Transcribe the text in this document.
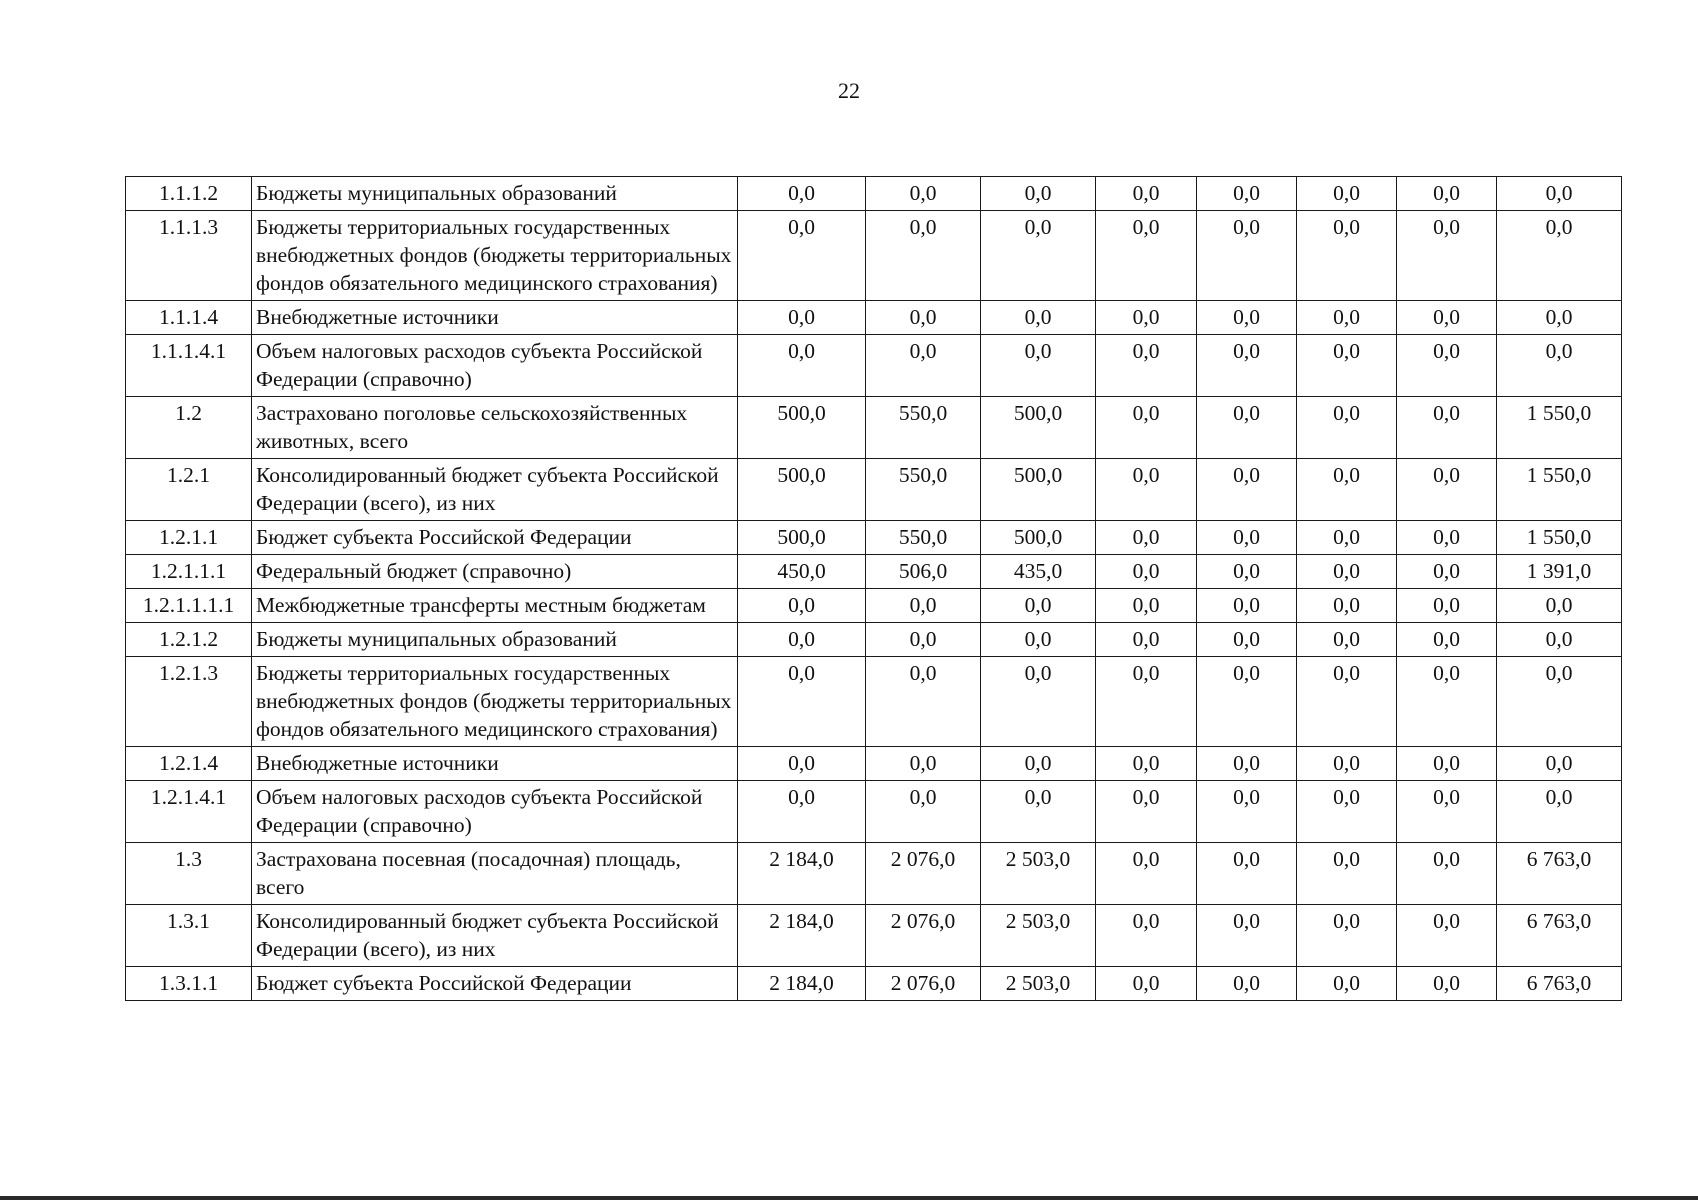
22
1.1.1.2	Бюджеты муниципальных образований	0,0	0,0	0,0	0,0	0,0	0,0	0,0	0,0
1.1.1.3	Бюджеты территориальных государственных внебюджетных фондов (бюджеты территориальных фондов обязательного медицинского страхования)	0,0	0,0	0,0	0,0	0,0	0,0	0,0	0,0
1.1.1.4	Внебюджетные источники	0,0	0,0	0,0	0,0	0,0	0,0	0,0	0,0
1.1.1.4.1	Объем налоговых расходов субъекта Российской Федерации (справочно)	0,0	0,0	0,0	0,0	0,0	0,0	0,0	0,0
1.2	Застраховано поголовье сельскохозяйственных животных, всего	500,0	550,0	500,0	0,0	0,0	0,0	0,0	1 550,0
1.2.1	Консолидированный бюджет субъекта Российской Федерации (всего), из них	500,0	550,0	500,0	0,0	0,0	0,0	0,0	1 550,0
1.2.1.1	Бюджет субъекта Российской Федерации	500,0	550,0	500,0	0,0	0,0	0,0	0,0	1 550,0
1.2.1.1.1	Федеральный бюджет (справочно)	450,0	506,0	435,0	0,0	0,0	0,0	0,0	1 391,0
1.2.1.1.1.1	Межбюджетные трансферты местным бюджетам	0,0	0,0	0,0	0,0	0,0	0,0	0,0	0,0
1.2.1.2	Бюджеты муниципальных образований	0,0	0,0	0,0	0,0	0,0	0,0	0,0	0,0
1.2.1.3	Бюджеты территориальных государственных внебюджетных фондов (бюджеты территориальных фондов обязательного медицинского страхования)	0,0	0,0	0,0	0,0	0,0	0,0	0,0	0,0
1.2.1.4	Внебюджетные источники	0,0	0,0	0,0	0,0	0,0	0,0	0,0	0,0
1.2.1.4.1	Объем налоговых расходов субъекта Российской Федерации (справочно)	0,0	0,0	0,0	0,0	0,0	0,0	0,0	0,0
1.3	Застрахована посевная (посадочная) площадь, всего	2 184,0	2 076,0	2 503,0	0,0	0,0	0,0	0,0	6 763,0
1.3.1	Консолидированный бюджет субъекта Российской Федерации (всего), из них	2 184,0	2 076,0	2 503,0	0,0	0,0	0,0	0,0	6 763,0
1.3.1.1	Бюджет субъекта Российской Федерации	2 184,0	2 076,0	2 503,0	0,0	0,0	0,0	0,0	6 763,0
